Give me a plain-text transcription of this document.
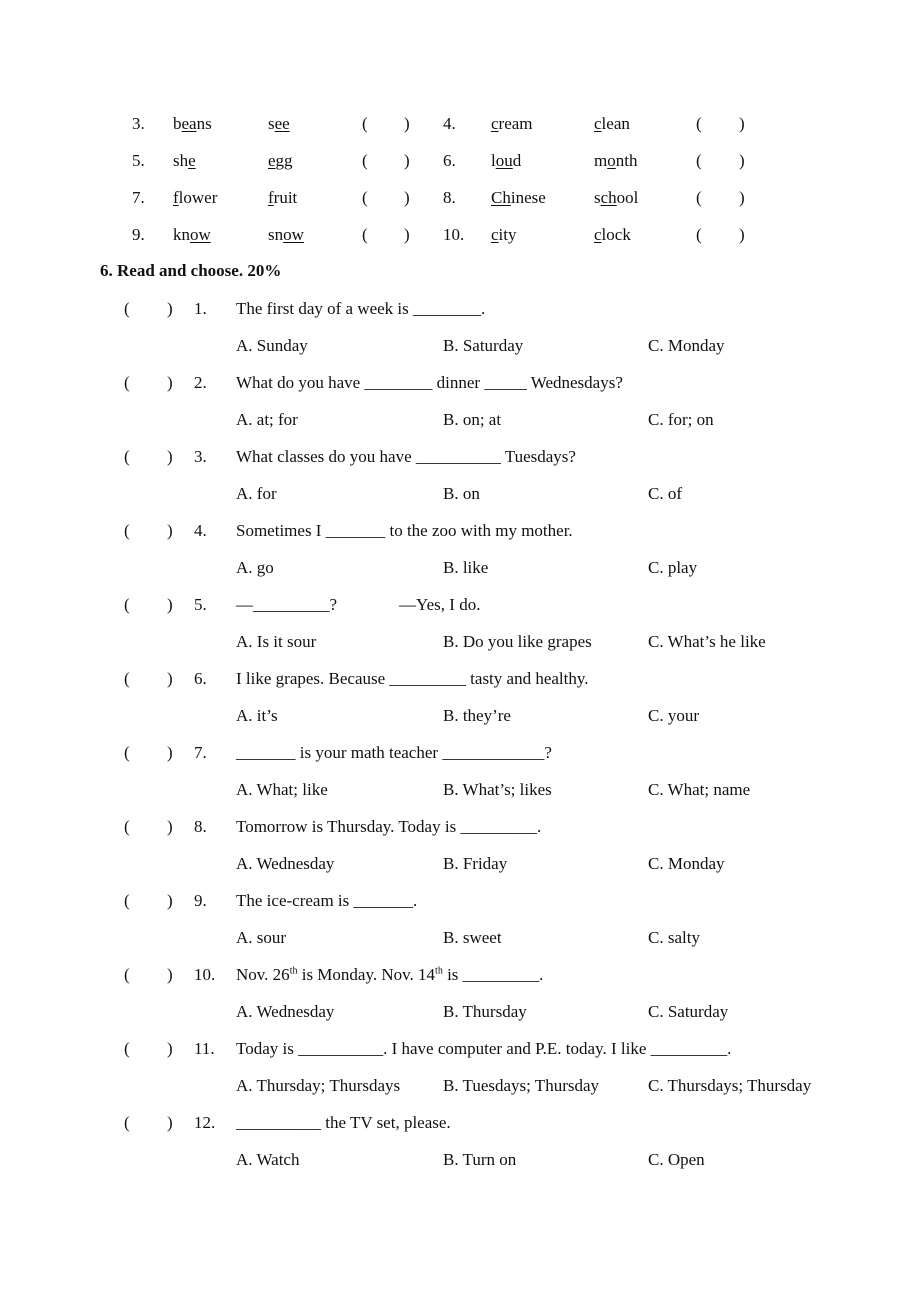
3. beans	see	( ) 4. cream	clean	( )
5. she	egg	( ) 6. loud	month	( )
7. flower	fruit	( ) 8. Chinese	school	( )
9. know	snow	( ) 10. city	clock	( )
6. Read and choose. 20%
( ) 1. The first day of a week is ________.
A. Sunday	B. Saturday	C. Monday
( ) 2. What do you have ________ dinner _____ Wednesdays?
A. at; for	B. on; at	C. for; on
( ) 3. What classes do you have __________ Tuesdays?
A. for	B. on	C. of
( ) 4. Sometimes I _______ to the zoo with my mother.
A. go	B. like	C. play
( ) 5. —_________?	—Yes, I do.
A. Is it sour	B. Do you like grapes	C. What’s he like
( ) 6. I like grapes. Because _________ tasty and healthy.
A. it’s	B. they’re	C. your
( ) 7. _______ is your math teacher ____________?
A. What; like	B. What’s; likes	C. What; name
( ) 8. Tomorrow is Thursday. Today is _________.
A. Wednesday	B. Friday	C. Monday
( ) 9. The ice-cream is _______.
A. sour	B. sweet	C. salty
( ) 10. Nov. 26th is Monday. Nov. 14th is _________.
A. Wednesday	B. Thursday	C. Saturday
( ) 11. Today is __________. I have computer and P.E. today. I like _________.
A. Thursday; Thursdays	B. Tuesdays; Thursday	C. Thursdays; Thursday
( ) 12. __________ the TV set, please.
A. Watch	B. Turn on	C. Open
